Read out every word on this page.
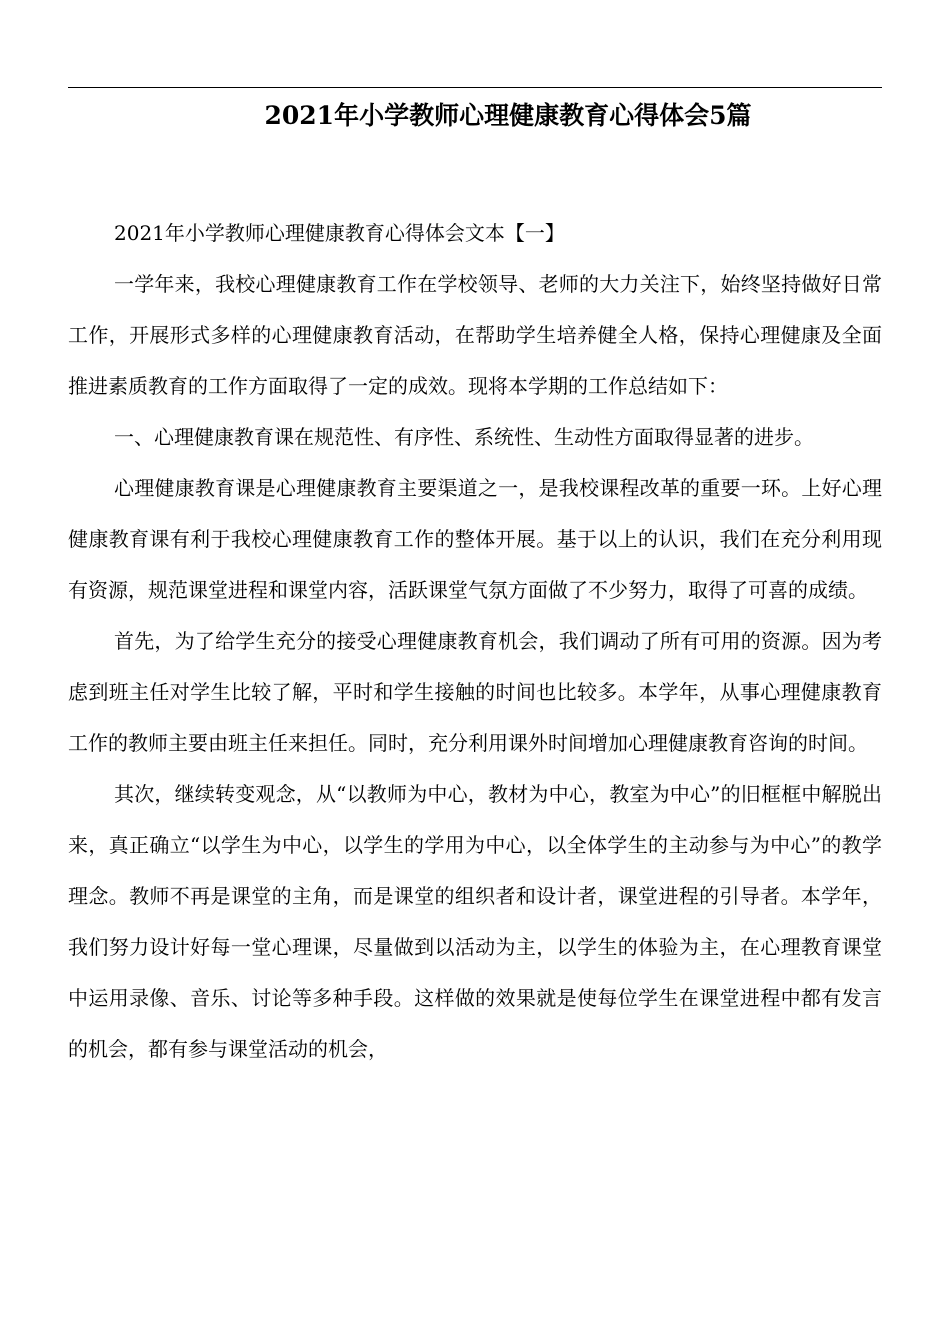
2021年小学教师心理健康教育心得体会5篇

2021年小学教师心理健康教育心得体会文本【一】

一学年来，我校心理健康教育工作在学校领导、老师的大力关注下，始终坚持做好日常工作，开展形式多样的心理健康教育活动，在帮助学生培养健全人格，保持心理健康及全面推进素质教育的工作方面取得了一定的成效。现将本学期的工作总结如下：

一、心理健康教育课在规范性、有序性、系统性、生动性方面取得显著的进步。

心理健康教育课是心理健康教育主要渠道之一，是我校课程改革的重要一环。上好心理健康教育课有利于我校心理健康教育工作的整体开展。基于以上的认识，我们在充分利用现有资源，规范课堂进程和课堂内容，活跃课堂气氛方面做了不少努力，取得了可喜的成绩。

首先，为了给学生充分的接受心理健康教育机会，我们调动了所有可用的资源。因为考虑到班主任对学生比较了解，平时和学生接触的时间也比较多。本学年，从事心理健康教育工作的教师主要由班主任来担任。同时，充分利用课外时间增加心理健康教育咨询的时间。

其次，继续转变观念，从“以教师为中心，教材为中心，教室为中心”的旧框框中解脱出来，真正确立“以学生为中心，以学生的学用为中心，以全体学生的主动参与为中心”的教学理念。教师不再是课堂的主角，而是课堂的组织者和设计者，课堂进程的引导者。本学年，我们努力设计好每一堂心理课，尽量做到以活动为主，以学生的体验为主，在心理教育课堂中运用录像、音乐、讨论等多种手段。这样做的效果就是使每位学生在课堂进程中都有发言的机会，都有参与课堂活动的机会，
